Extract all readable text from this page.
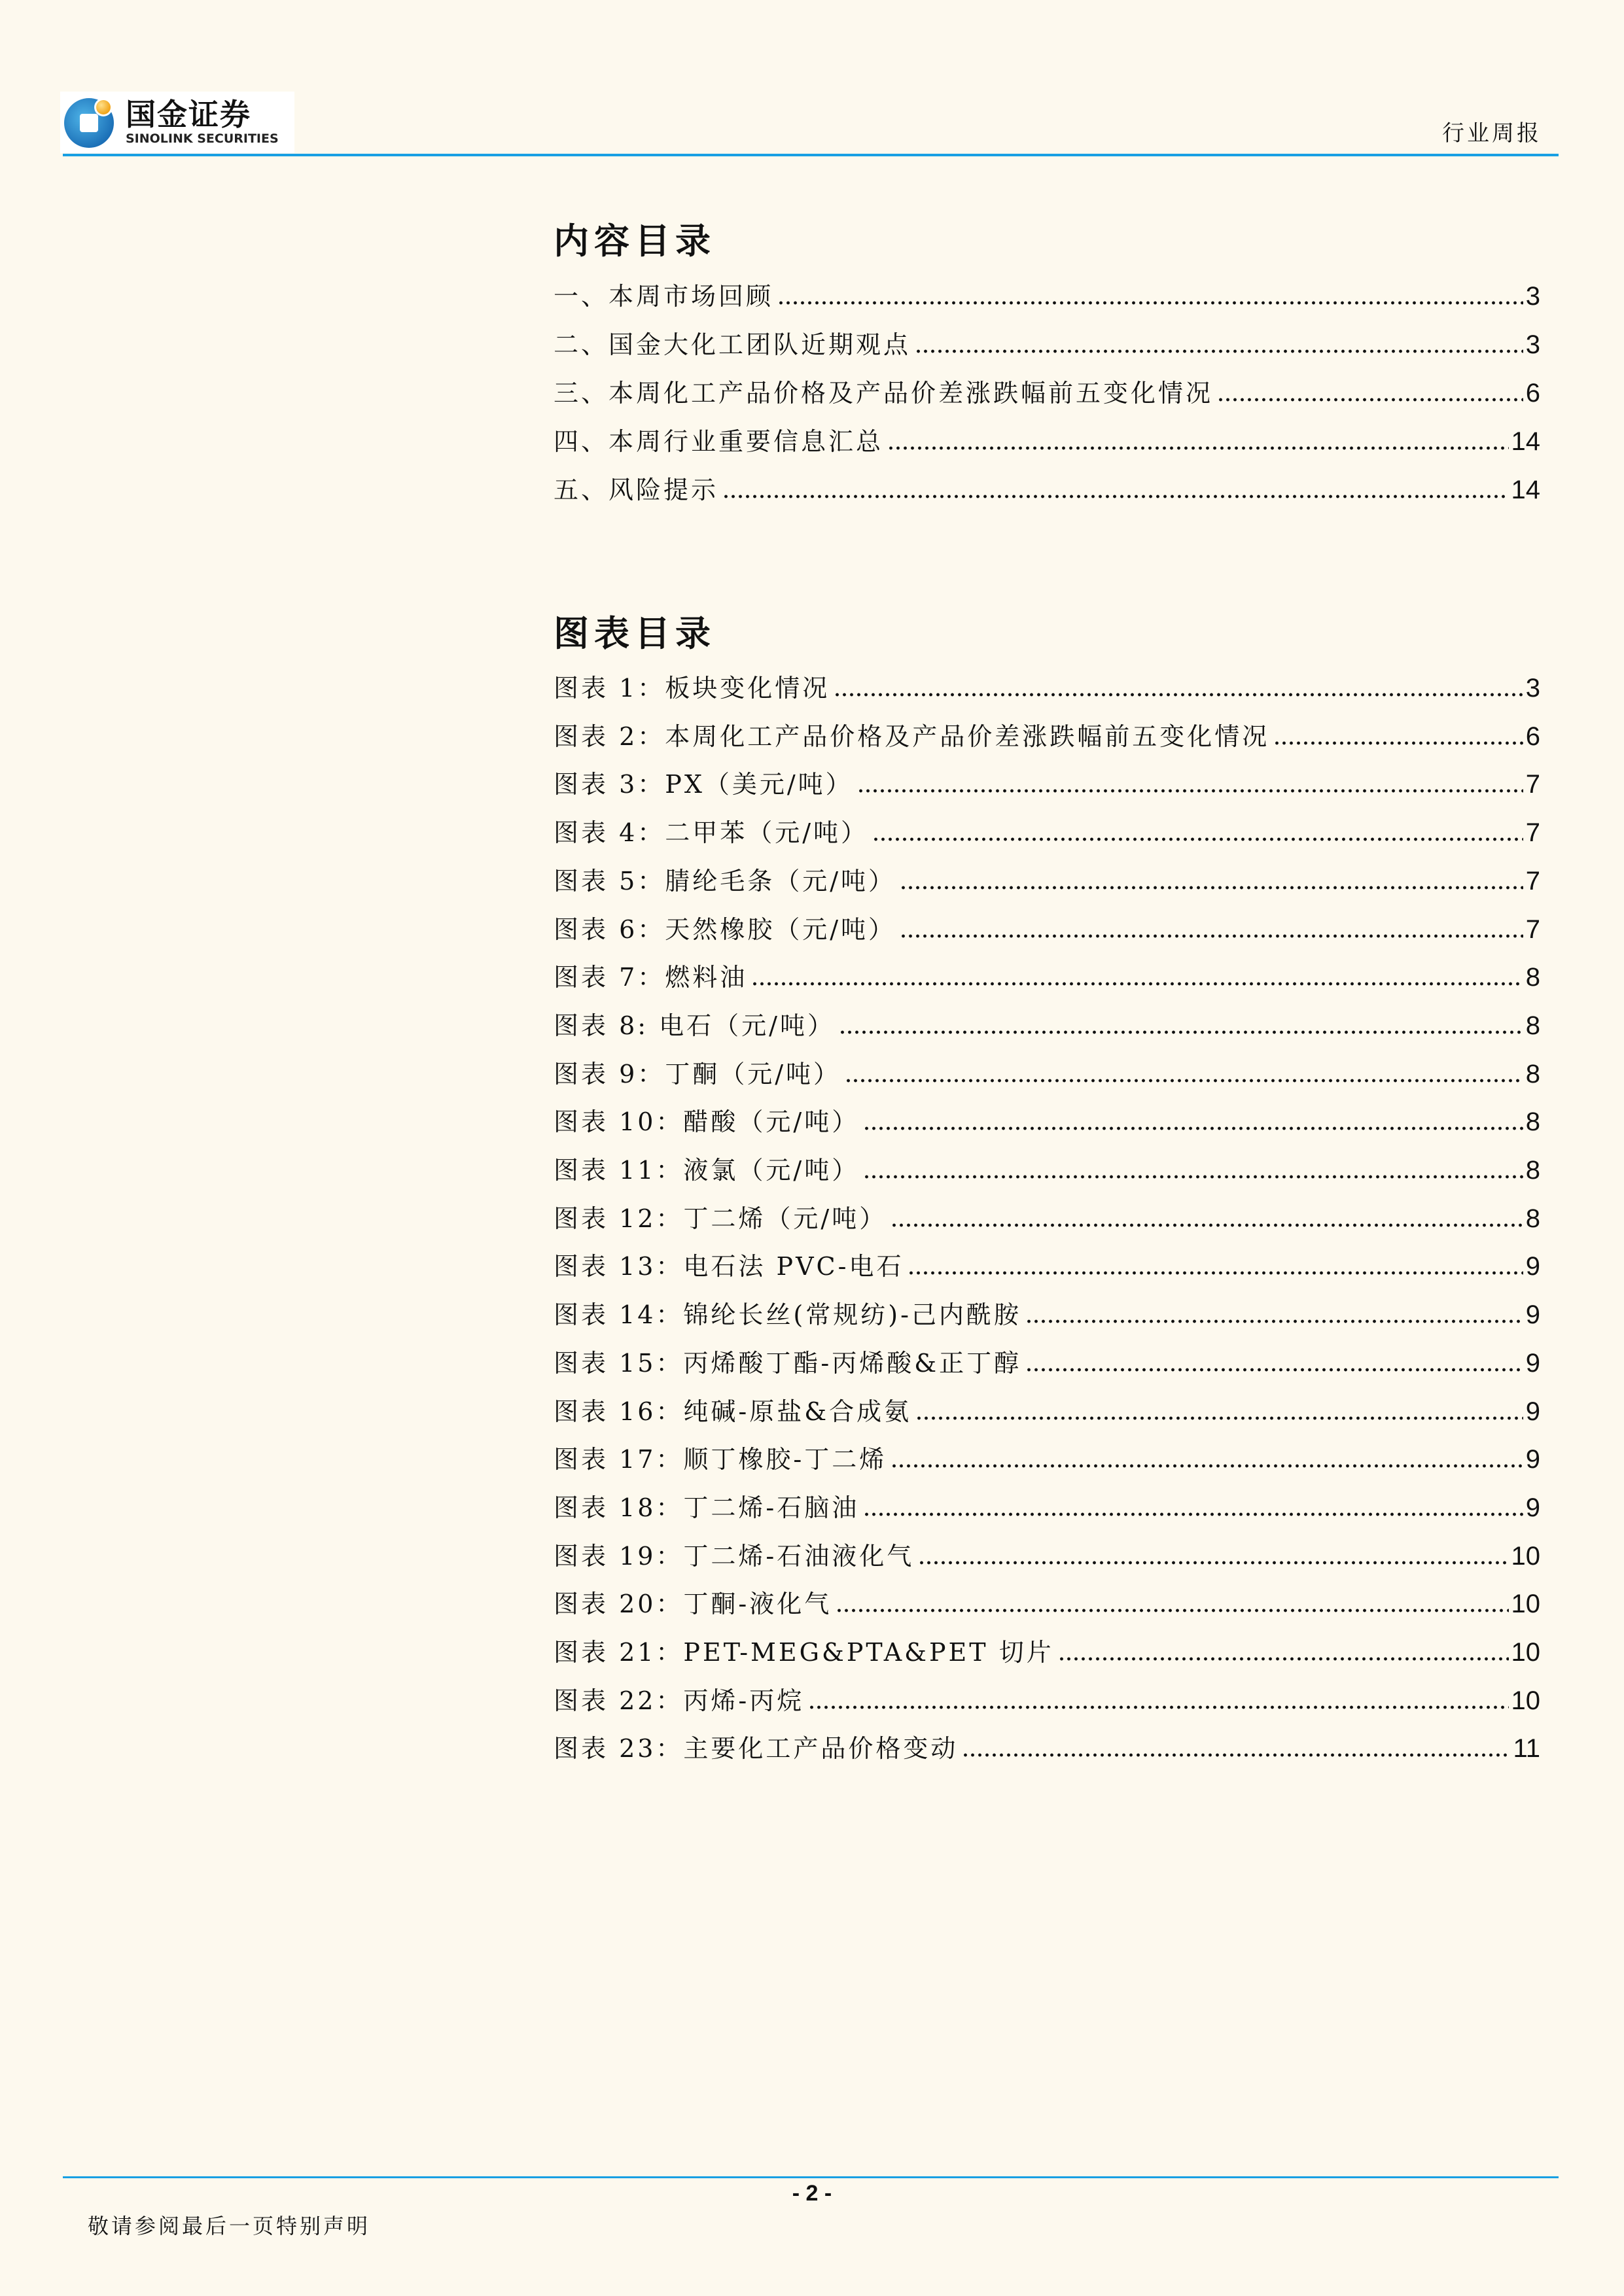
国金证券
SINOLINK SECURITIES	行业周报
内容目录
一、本周市场回顾	3
二、国金大化工团队近期观点	3
三、本周化工产品价格及产品价差涨跌幅前五变化情况	6
四、本周行业重要信息汇总	14
五、风险提示	14
图表目录
图表 1：板块变化情况	3
图表 2：本周化工产品价格及产品价差涨跌幅前五变化情况	6
图表 3：PX（美元/吨）	7
图表 4：二甲苯（元/吨）	7
图表 5：腈纶毛条（元/吨）	7
图表 6：天然橡胶（元/吨）	7
图表 7：燃料油	8
图表 8: 电石（元/吨）	8
图表 9：丁酮（元/吨）	8
图表 10：醋酸（元/吨）	8
图表 11：液氯（元/吨）	8
图表 12：丁二烯（元/吨）	8
图表 13：电石法 PVC-电石	9
图表 14：锦纶长丝(常规纺)-己内酰胺	9
图表 15：丙烯酸丁酯-丙烯酸&正丁醇	9
图表 16：纯碱-原盐&合成氨	9
图表 17：顺丁橡胶-丁二烯	9
图表 18：丁二烯-石脑油	9
图表 19：丁二烯-石油液化气	10
图表 20：丁酮-液化气	10
图表 21：PET-MEG&PTA&PET 切片	10
图表 22：丙烯-丙烷	10
图表 23：主要化工产品价格变动	11
- 2 -
敬请参阅最后一页特别声明
